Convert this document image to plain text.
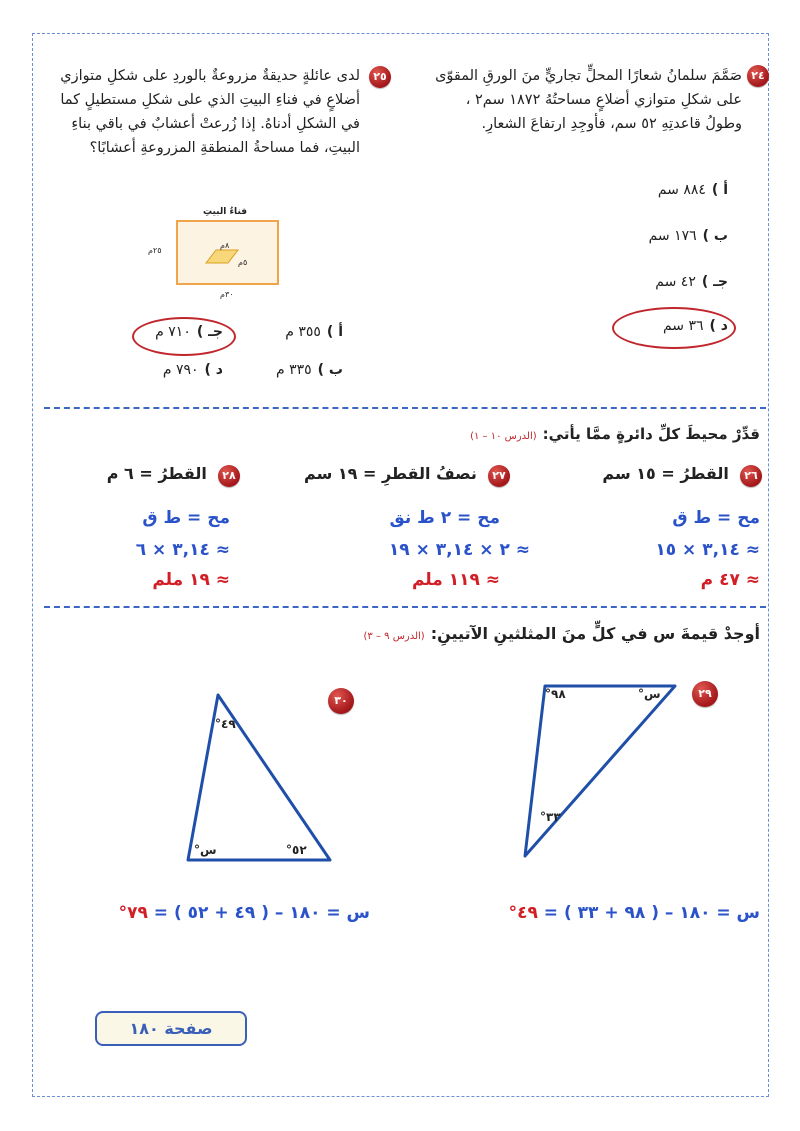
٢٤
صَمَّمَ سلمانُ شعارًا المحلٍّ تجاريٍّ منَ الورقِ المقوّى
على شكلِ متوازي أضلاعٍ مساحتُهُ ١٨٧٢ سم٢ ،
وطولُ قاعدتِهِ ٥٢ سم، فأوجِدِ ارتفاعَ الشعارِ.
أ )٨٨٤ سم
ب )١٧٦ سم
جـ )٤٢ سم
د )٣٦ سم
٢٥
لدى عائلةٍ حديقةٌ مزروعةٌ بالوردِ على شكلِ متوازي
أضلاعٍ في فناءِ البيتِ الذي على شكلِ مستطيلٍ كما
في الشكلِ أدناهُ. إذا زُرعتْ أعشابٌ في باقي بناءِ
البيتِ، فما مساحةُ المنطقةِ المزروعةِ أعشابًا؟
فناءُ البيتِ
٢٥م
٨م
٥م
٣٠م
أ )٣٥٥ م
جـ )٧١٠ م
ب )٣٣٥ م
د )٧٩٠ م
قدِّرْ محيطَ كلِّ دائرةٍ ممَّا يأتي:(الدرس ١٠ – ١)
٢٦ القطرُ = ١٥ سم
مح = ط ق
≈ ٣,١٤ × ١٥
≈ ٤٧ م
٢٧ نصفُ القطرِ = ١٩ سم
مح = ٢ ط نق
≈ ٢ × ٣,١٤ × ١٩
≈ ١١٩ ملم
٢٨ القطرُ = ٦ م
مح = ط ق
≈ ٣,١٤ × ٦
≈ ١٩ ملم
أوجدْ قيمةَ س في كلٍّ منَ المثلثينِ الآتيينِ:(الدرس ٩ – ٣)
٢٩
٩٨°	س°
٣٣°
٣٠
٤٩°
س°	٥٢°
س = ١٨٠ – ( ٩٨ + ٣٣ ) = ٤٩°
س = ١٨٠ – ( ٤٩ + ٥٢ ) = ٧٩°
صفحة ١٨٠
